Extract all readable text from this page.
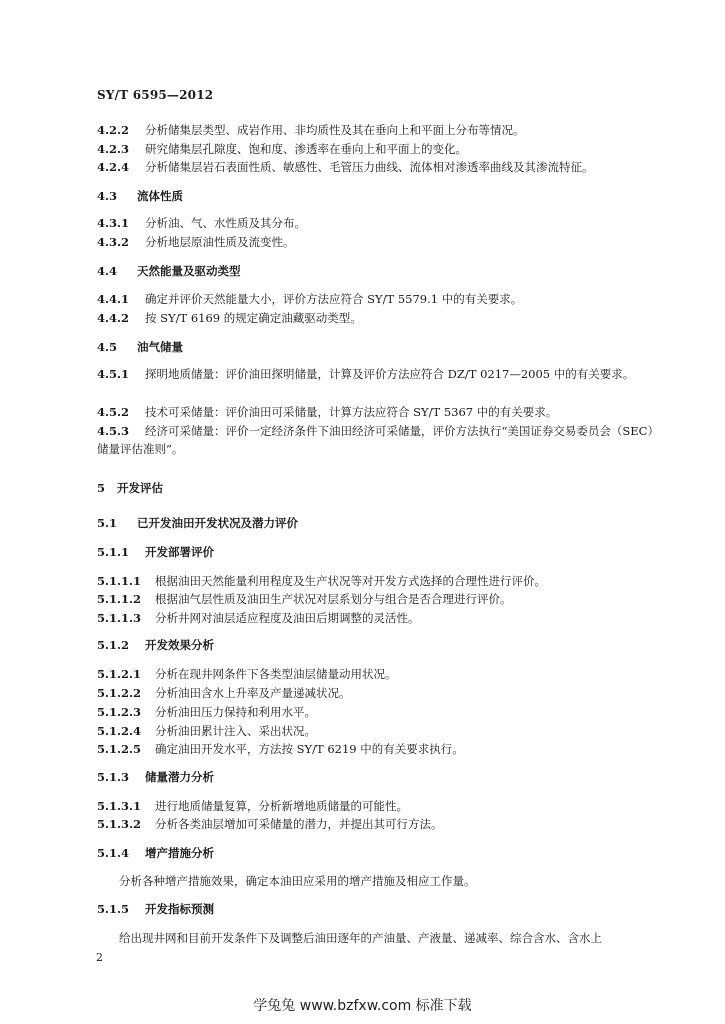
SY/T 6595—2012
4.2.2 分析储集层类型、成岩作用、非均质性及其在垂向上和平面上分布等情况。
4.2.3 研究储集层孔隙度、饱和度、渗透率在垂向上和平面上的变化。
4.2.4 分析储集层岩石表面性质、敏感性、毛管压力曲线、流体相对渗透率曲线及其渗流特征。
4.3 流体性质
4.3.1 分析油、气、水性质及其分布。
4.3.2 分析地层原油性质及流变性。
4.4 天然能量及驱动类型
4.4.1 确定并评价天然能量大小，评价方法应符合 SY/T 5579.1 中的有关要求。
4.4.2 按 SY/T 6169 的规定确定油藏驱动类型。
4.5 油气储量
4.5.1 探明地质储量：评价油田探明储量，计算及评价方法应符合 DZ/T 0217—2005 中的有关要求。
4.5.2 技术可采储量：评价油田可采储量，计算方法应符合 SY/T 5367 中的有关要求。
4.5.3 经济可采储量：评价一定经济条件下油田经济可采储量，评价方法执行“美国证券交易委员会（SEC）储量评估准则”。
5 开发评估
5.1 已开发油田开发状况及潜力评价
5.1.1 开发部署评价
5.1.1.1 根据油田天然能量利用程度及生产状况等对开发方式选择的合理性进行评价。
5.1.1.2 根据油气层性质及油田生产状况对层系划分与组合是否合理进行评价。
5.1.1.3 分析井网对油层适应程度及油田后期调整的灵活性。
5.1.2 开发效果分析
5.1.2.1 分析在现井网条件下各类型油层储量动用状况。
5.1.2.2 分析油田含水上升率及产量递减状况。
5.1.2.3 分析油田压力保持和利用水平。
5.1.2.4 分析油田累计注入、采出状况。
5.1.2.5 确定油田开发水平，方法按 SY/T 6219 中的有关要求执行。
5.1.3 储量潜力分析
5.1.3.1 进行地质储量复算，分析新增地质储量的可能性。
5.1.3.2 分析各类油层增加可采储量的潜力，并提出其可行方法。
5.1.4 增产措施分析
分析各种增产措施效果，确定本油田应采用的增产措施及相应工作量。
5.1.5 开发指标预测
给出现井网和目前开发条件下及调整后油田逐年的产油量、产液量、递减率、综合含水、含水上
2
学兔兔 www.bzfxw.com 标准下载
